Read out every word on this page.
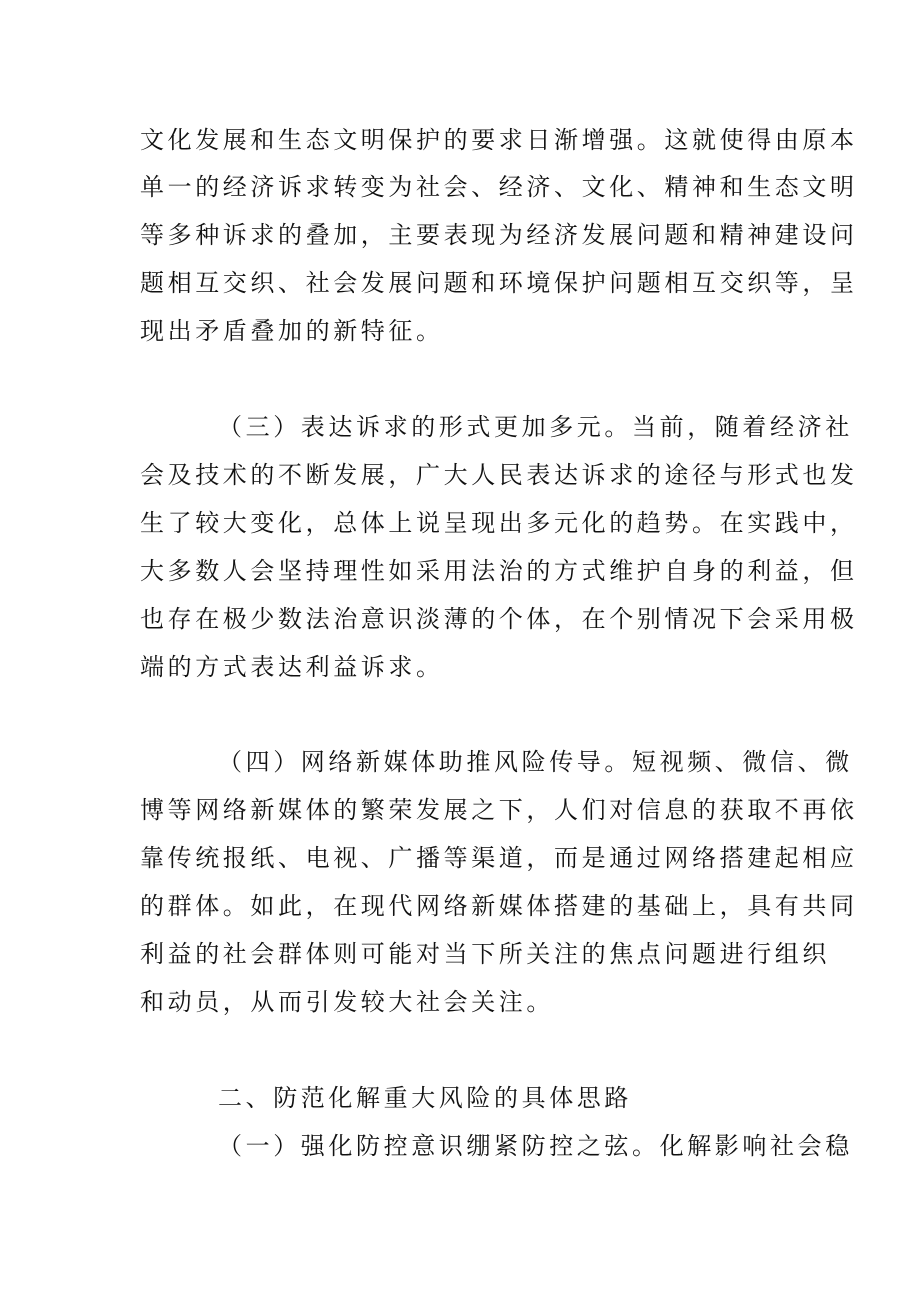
文化发展和生态文明保护的要求日渐增强。这就使得由原本

单一的经济诉求转变为社会、经济、文化、精神和生态文明

等多种诉求的叠加，主要表现为经济发展问题和精神建设问

题相互交织、社会发展问题和环境保护问题相互交织等，呈

现出矛盾叠加的新特征。

（三）表达诉求的形式更加多元。当前，随着经济社

会及技术的不断发展，广大人民表达诉求的途径与形式也发

生了较大变化，总体上说呈现出多元化的趋势。在实践中，

大多数人会坚持理性如采用法治的方式维护自身的利益，但

也存在极少数法治意识淡薄的个体，在个别情况下会采用极

端的方式表达利益诉求。

（四）网络新媒体助推风险传导。短视频、微信、微

博等网络新媒体的繁荣发展之下，人们对信息的获取不再依

靠传统报纸、电视、广播等渠道，而是通过网络搭建起相应

的群体。如此，在现代网络新媒体搭建的基础上，具有共同

利益的社会群体则可能对当下所关注的焦点问题进行组织

和动员，从而引发较大社会关注。

二、防范化解重大风险的具体思路

（一）强化防控意识绷紧防控之弦。化解影响社会稳
